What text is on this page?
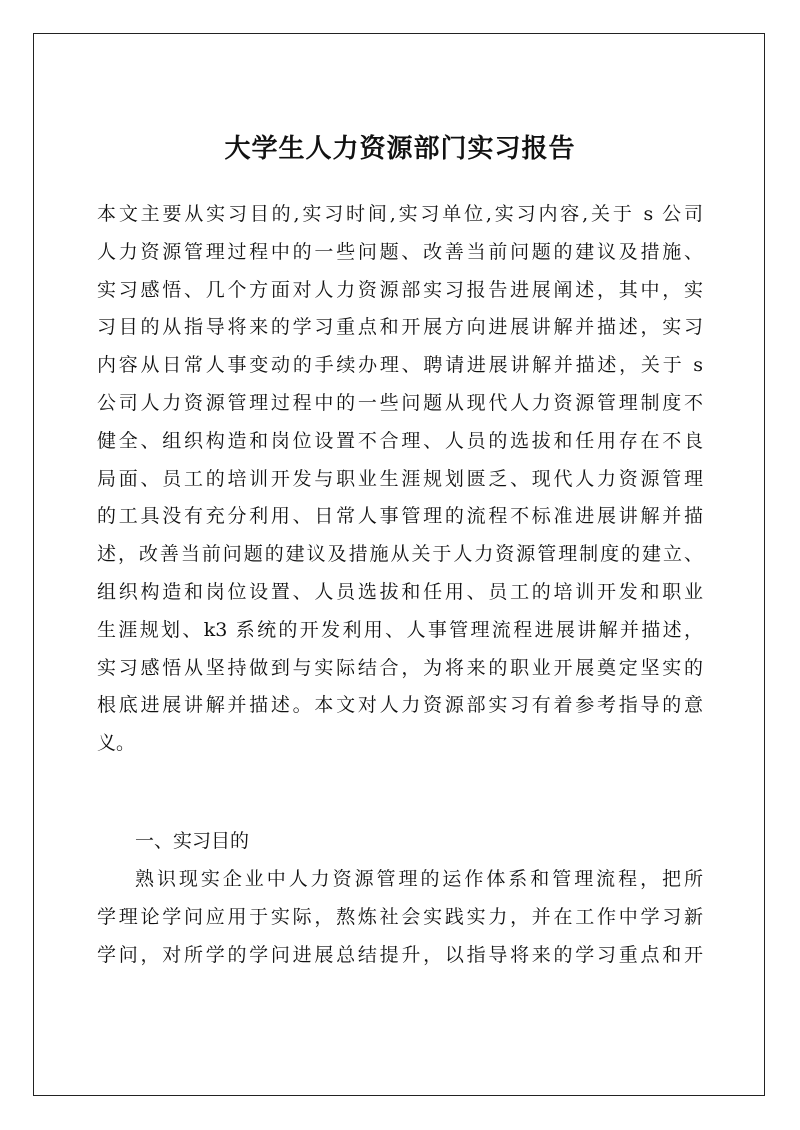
大学生人力资源部门实习报告
本文主要从实习目的,实习时间,实习单位,实习内容,关于 s 公司
人力资源管理过程中的一些问题、改善当前问题的建议及措施、
实习感悟、几个方面对人力资源部实习报告进展阐述，其中，实
习目的从指导将来的学习重点和开展方向进展讲解并描述，实习
内容从日常人事变动的手续办理、聘请进展讲解并描述，关于 s
公司人力资源管理过程中的一些问题从现代人力资源管理制度不
健全、组织构造和岗位设置不合理、人员的选拔和任用存在不良
局面、员工的培训开发与职业生涯规划匮乏、现代人力资源管理
的工具没有充分利用、日常人事管理的流程不标准进展讲解并描
述，改善当前问题的建议及措施从关于人力资源管理制度的建立、
组织构造和岗位设置、人员选拔和任用、员工的培训开发和职业
生涯规划、k3 系统的开发利用、人事管理流程进展讲解并描述，
实习感悟从坚持做到与实际结合，为将来的职业开展奠定坚实的
根底进展讲解并描述。本文对人力资源部实习有着参考指导的意
义。
一、实习目的
熟识现实企业中人力资源管理的运作体系和管理流程，把所
学理论学问应用于实际，熬炼社会实践实力，并在工作中学习新
学问，对所学的学问进展总结提升，以指导将来的学习重点和开
